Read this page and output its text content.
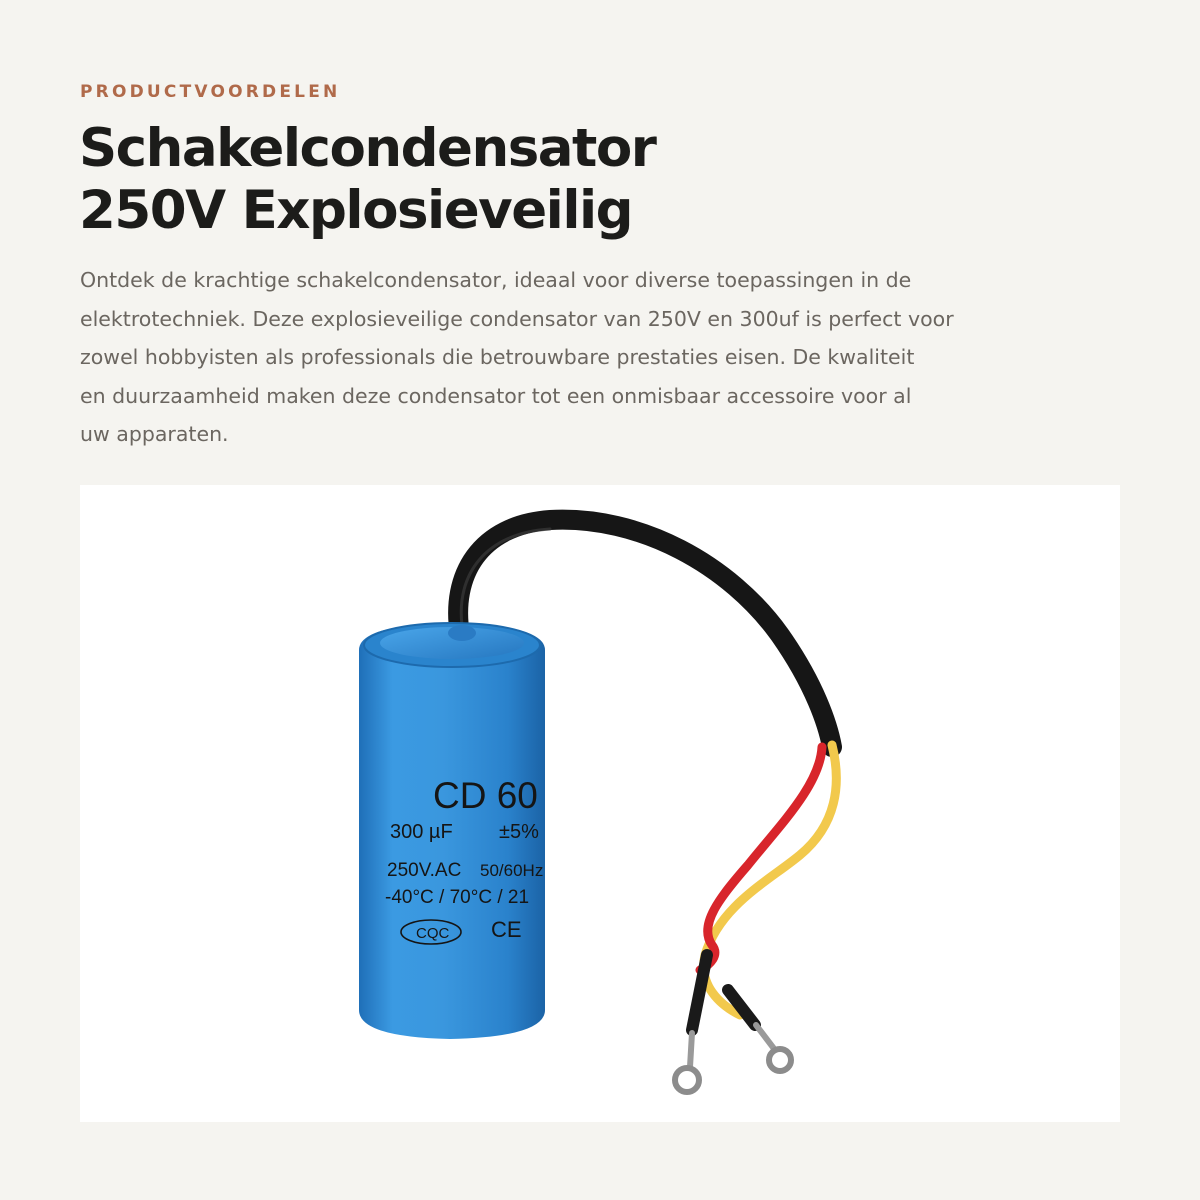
PRODUCTVOORDELEN

Schakelcondensator
250V Explosieveilig

Ontdek de krachtige schakelcondensator, ideaal voor diverse toepassingen in de
elektrotechniek. Deze explosieveilige condensator van 250V en 300uf is perfect voor
zowel hobbyisten als professionals die betrouwbare prestaties eisen. De kwaliteit
en duurzaamheid maken deze condensator tot een onmisbaar accessoire voor al
uw apparaten.

CD 60
300 µF ±5%
250V.AC 50/60Hz
-40°C / 70°C / 21
CQC CE
